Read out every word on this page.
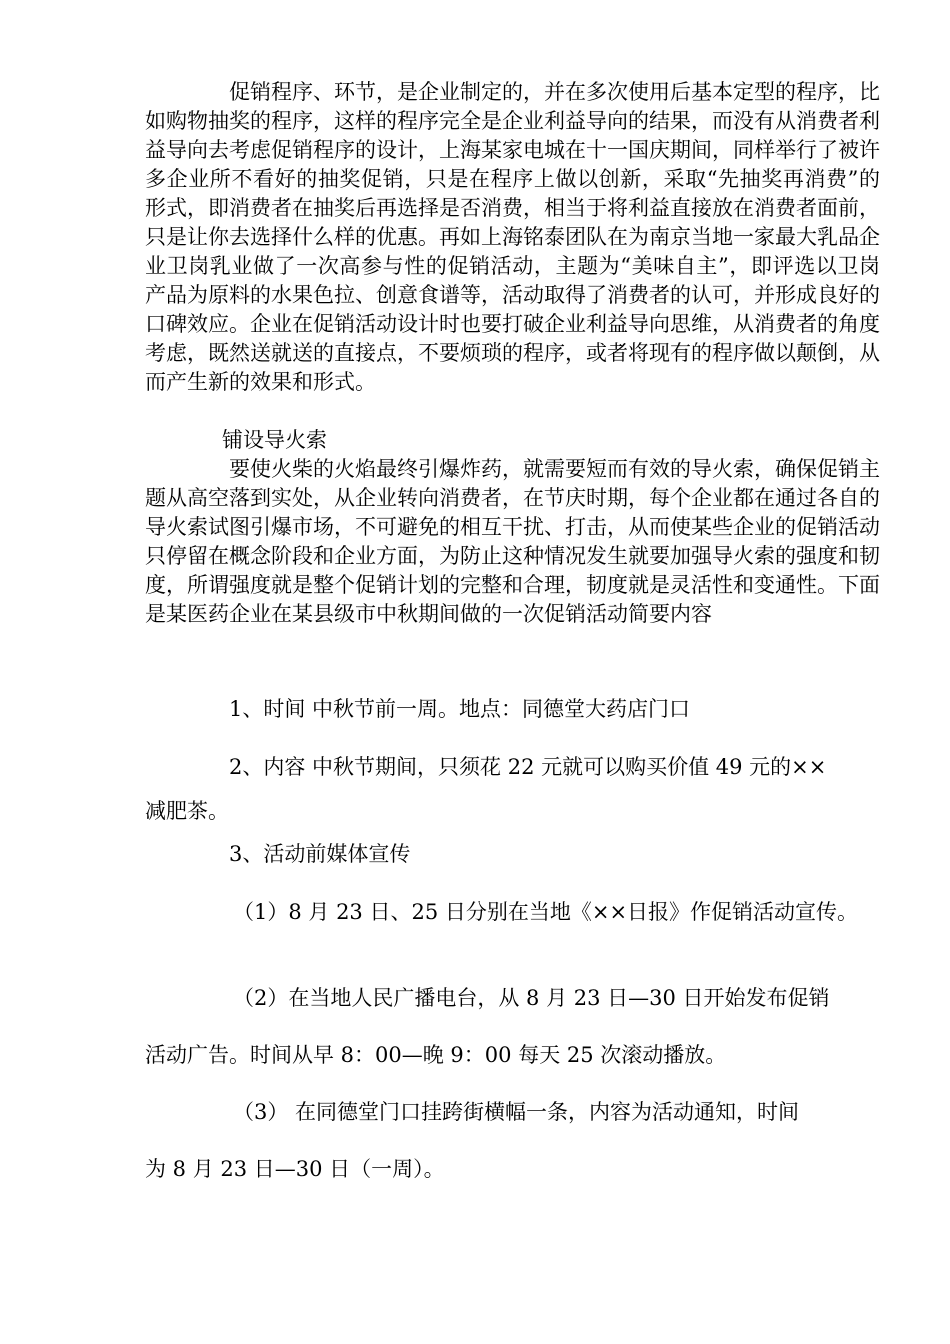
促销程序、环节，是企业制定的，并在多次使用后基本定型的程序，比如购物抽奖的程序，这样的程序完全是企业利益导向的结果，而没有从消费者利益导向去考虑促销程序的设计，上海某家电城在十一国庆期间，同样举行了被许多企业所不看好的抽奖促销，只是在程序上做以创新，采取“先抽奖再消费”的形式，即消费者在抽奖后再选择是否消费，相当于将利益直接放在消费者面前，只是让你去选择什么样的优惠。再如上海铭泰团队在为南京当地一家最大乳品企业卫岗乳业做了一次高参与性的促销活动，主题为“美味自主”，即评选以卫岗产品为原料的水果色拉、创意食谱等，活动取得了消费者的认可，并形成良好的口碑效应。企业在促销活动设计时也要打破企业利益导向思维，从消费者的角度考虑，既然送就送的直接点，不要烦琐的程序，或者将现有的程序做以颠倒，从而产生新的效果和形式。

铺设导火索

要使火柴的火焰最终引爆炸药，就需要短而有效的导火索，确保促销主题从高空落到实处，从企业转向消费者，在节庆时期，每个企业都在通过各自的导火索试图引爆市场，不可避免的相互干扰、打击，从而使某些企业的促销活动只停留在概念阶段和企业方面，为防止这种情况发生就要加强导火索的强度和韧度，所谓强度就是整个促销计划的完整和合理，韧度就是灵活性和变通性。下面是某医药企业在某县级市中秋期间做的一次促销活动简要内容

1、时间 中秋节前一周。地点：同德堂大药店门口

2、内容 中秋节期间，只须花 22 元就可以购买价值 49 元的××

减肥茶。

3、活动前媒体宣传

（1）8 月 23 日、25 日分别在当地《××日报》作促销活动宣传。

（2）在当地人民广播电台，从 8 月 23 日—30 日开始发布促销

活动广告。时间从早 8：00—晚 9：00 每天 25 次滚动播放。

（3） 在同德堂门口挂跨街横幅一条，内容为活动通知，时间

为 8 月 23 日—30 日（一周）。
